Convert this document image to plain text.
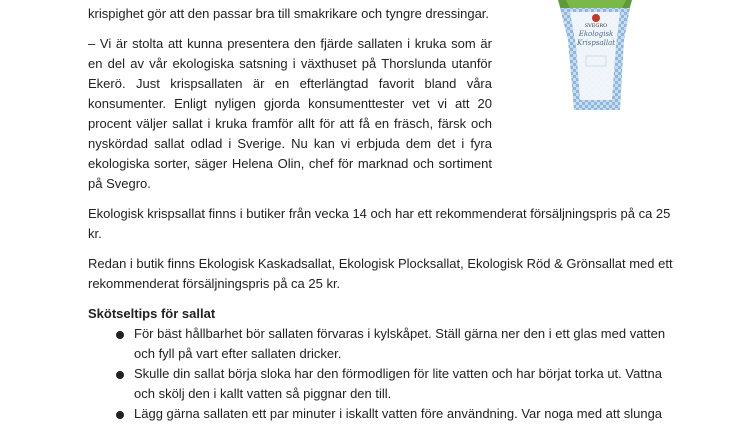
SVEGRO
Ekologisk
Krispsallat
krispighet gör att den passar bra till smakrikare och tyngre dressingar.
– Vi är stolta att kunna presentera den fjärde sallaten i kruka som är
en del av vår ekologiska satsning i växthuset på Thorslunda utanför
Ekerö. Just krispsallaten är en efterlängtad favorit bland våra
konsumenter. Enligt nyligen gjorda konsumenttester vet vi att 20
procent väljer sallat i kruka framför allt för att få en fräsch, färsk och
nyskördad sallat odlad i Sverige. Nu kan vi erbjuda dem det i fyra
ekologiska sorter, säger Helena Olin, chef för marknad och sortiment
på Svegro.
Ekologisk krispsallat finns i butiker från vecka 14 och har ett rekommenderat försäljningspris på ca 25
kr.
Redan i butik finns Ekologisk Kaskadsallat, Ekologisk Plocksallat, Ekologisk Röd & Grönsallat med ett
rekommenderat försäljningspris på ca 25 kr.
Skötseltips för sallat
För bäst hållbarhet bör sallaten förvaras i kylskåpet. Ställ gärna ner den i ett glas med vatten
och fyll på vart efter sallaten dricker.
Skulle din sallat börja sloka har den förmodligen för lite vatten och har börjat torka ut. Vattna
och skölj den i kallt vatten så piggnar den till.
Lägg gärna sallaten ett par minuter i iskallt vatten före användning. Var noga med att slunga
